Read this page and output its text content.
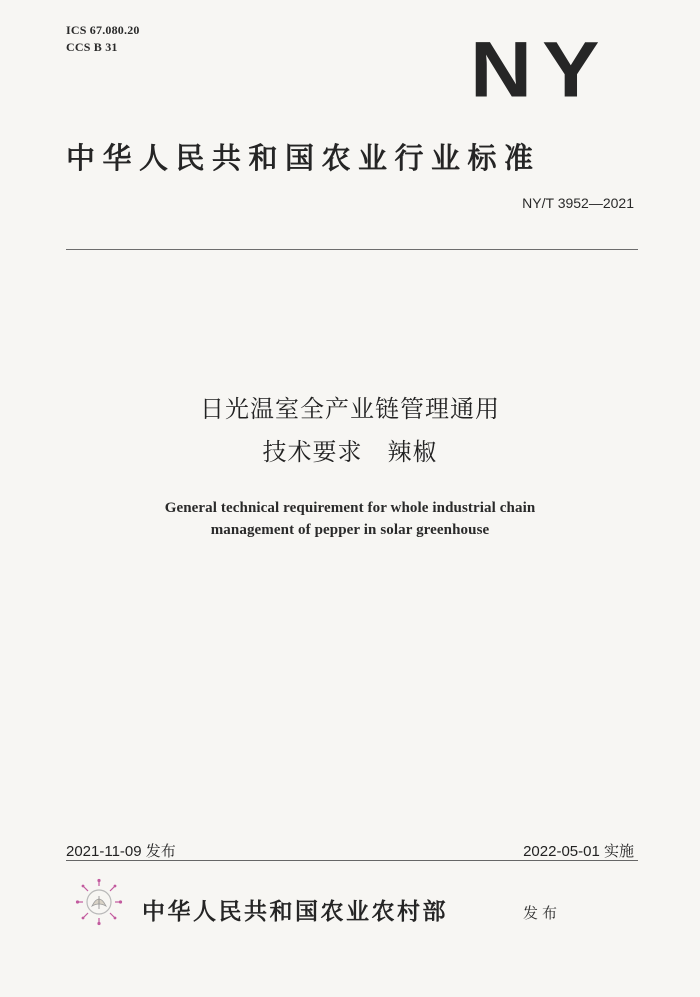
ICS 67.080.20
CCS B 31	NY
中华人民共和国农业行业标准
NY/T 3952—2021
日光温室全产业链管理通用
技术要求　辣椒
General technical requirement for whole industrial chain
management of pepper in solar greenhouse
2021-11-09 发布	2022-05-01 实施
中华人民共和国农业农村部	发布
